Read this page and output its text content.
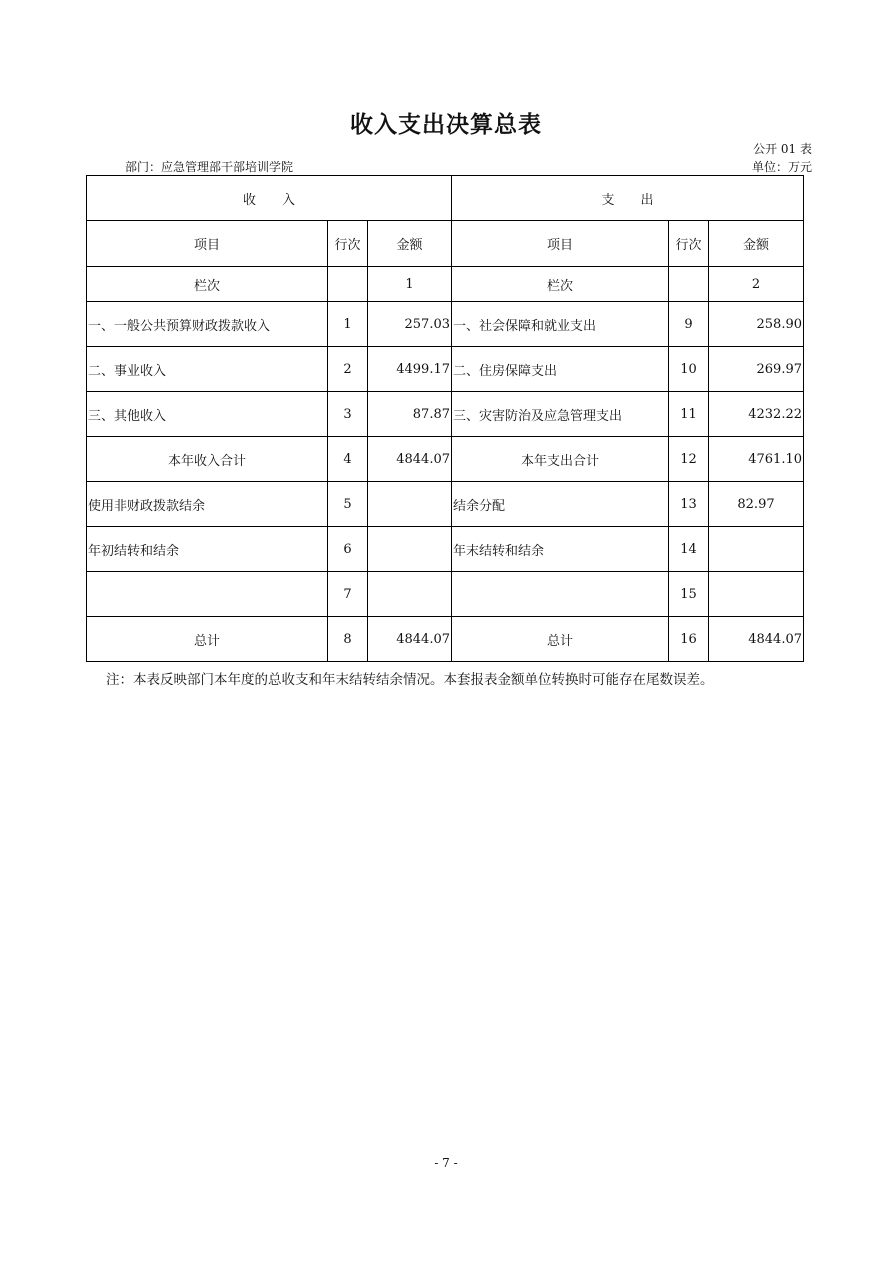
收入支出决算总表
公开 01 表
部门：应急管理部干部培训学院	单位：万元
收　　入			支　　出		
项目	行次	金额	项目	行次	金额
栏次		1	栏次		2
一、一般公共预算财政拨款收入	1	257.03	一、社会保障和就业支出	9	258.90
二、事业收入	2	4499.17	二、住房保障支出	10	269.97
三、其他收入	3	87.87	三、灾害防治及应急管理支出	11	4232.22
本年收入合计	4	4844.07	本年支出合计	12	4761.10
使用非财政拨款结余	5		结余分配	13	82.97
年初结转和结余	6		年末结转和结余	14	
	7			15	
总计	8	4844.07	总计	16	4844.07
注：本表反映部门本年度的总收支和年末结转结余情况。本套报表金额单位转换时可能存在尾数误差。
- 7 -
